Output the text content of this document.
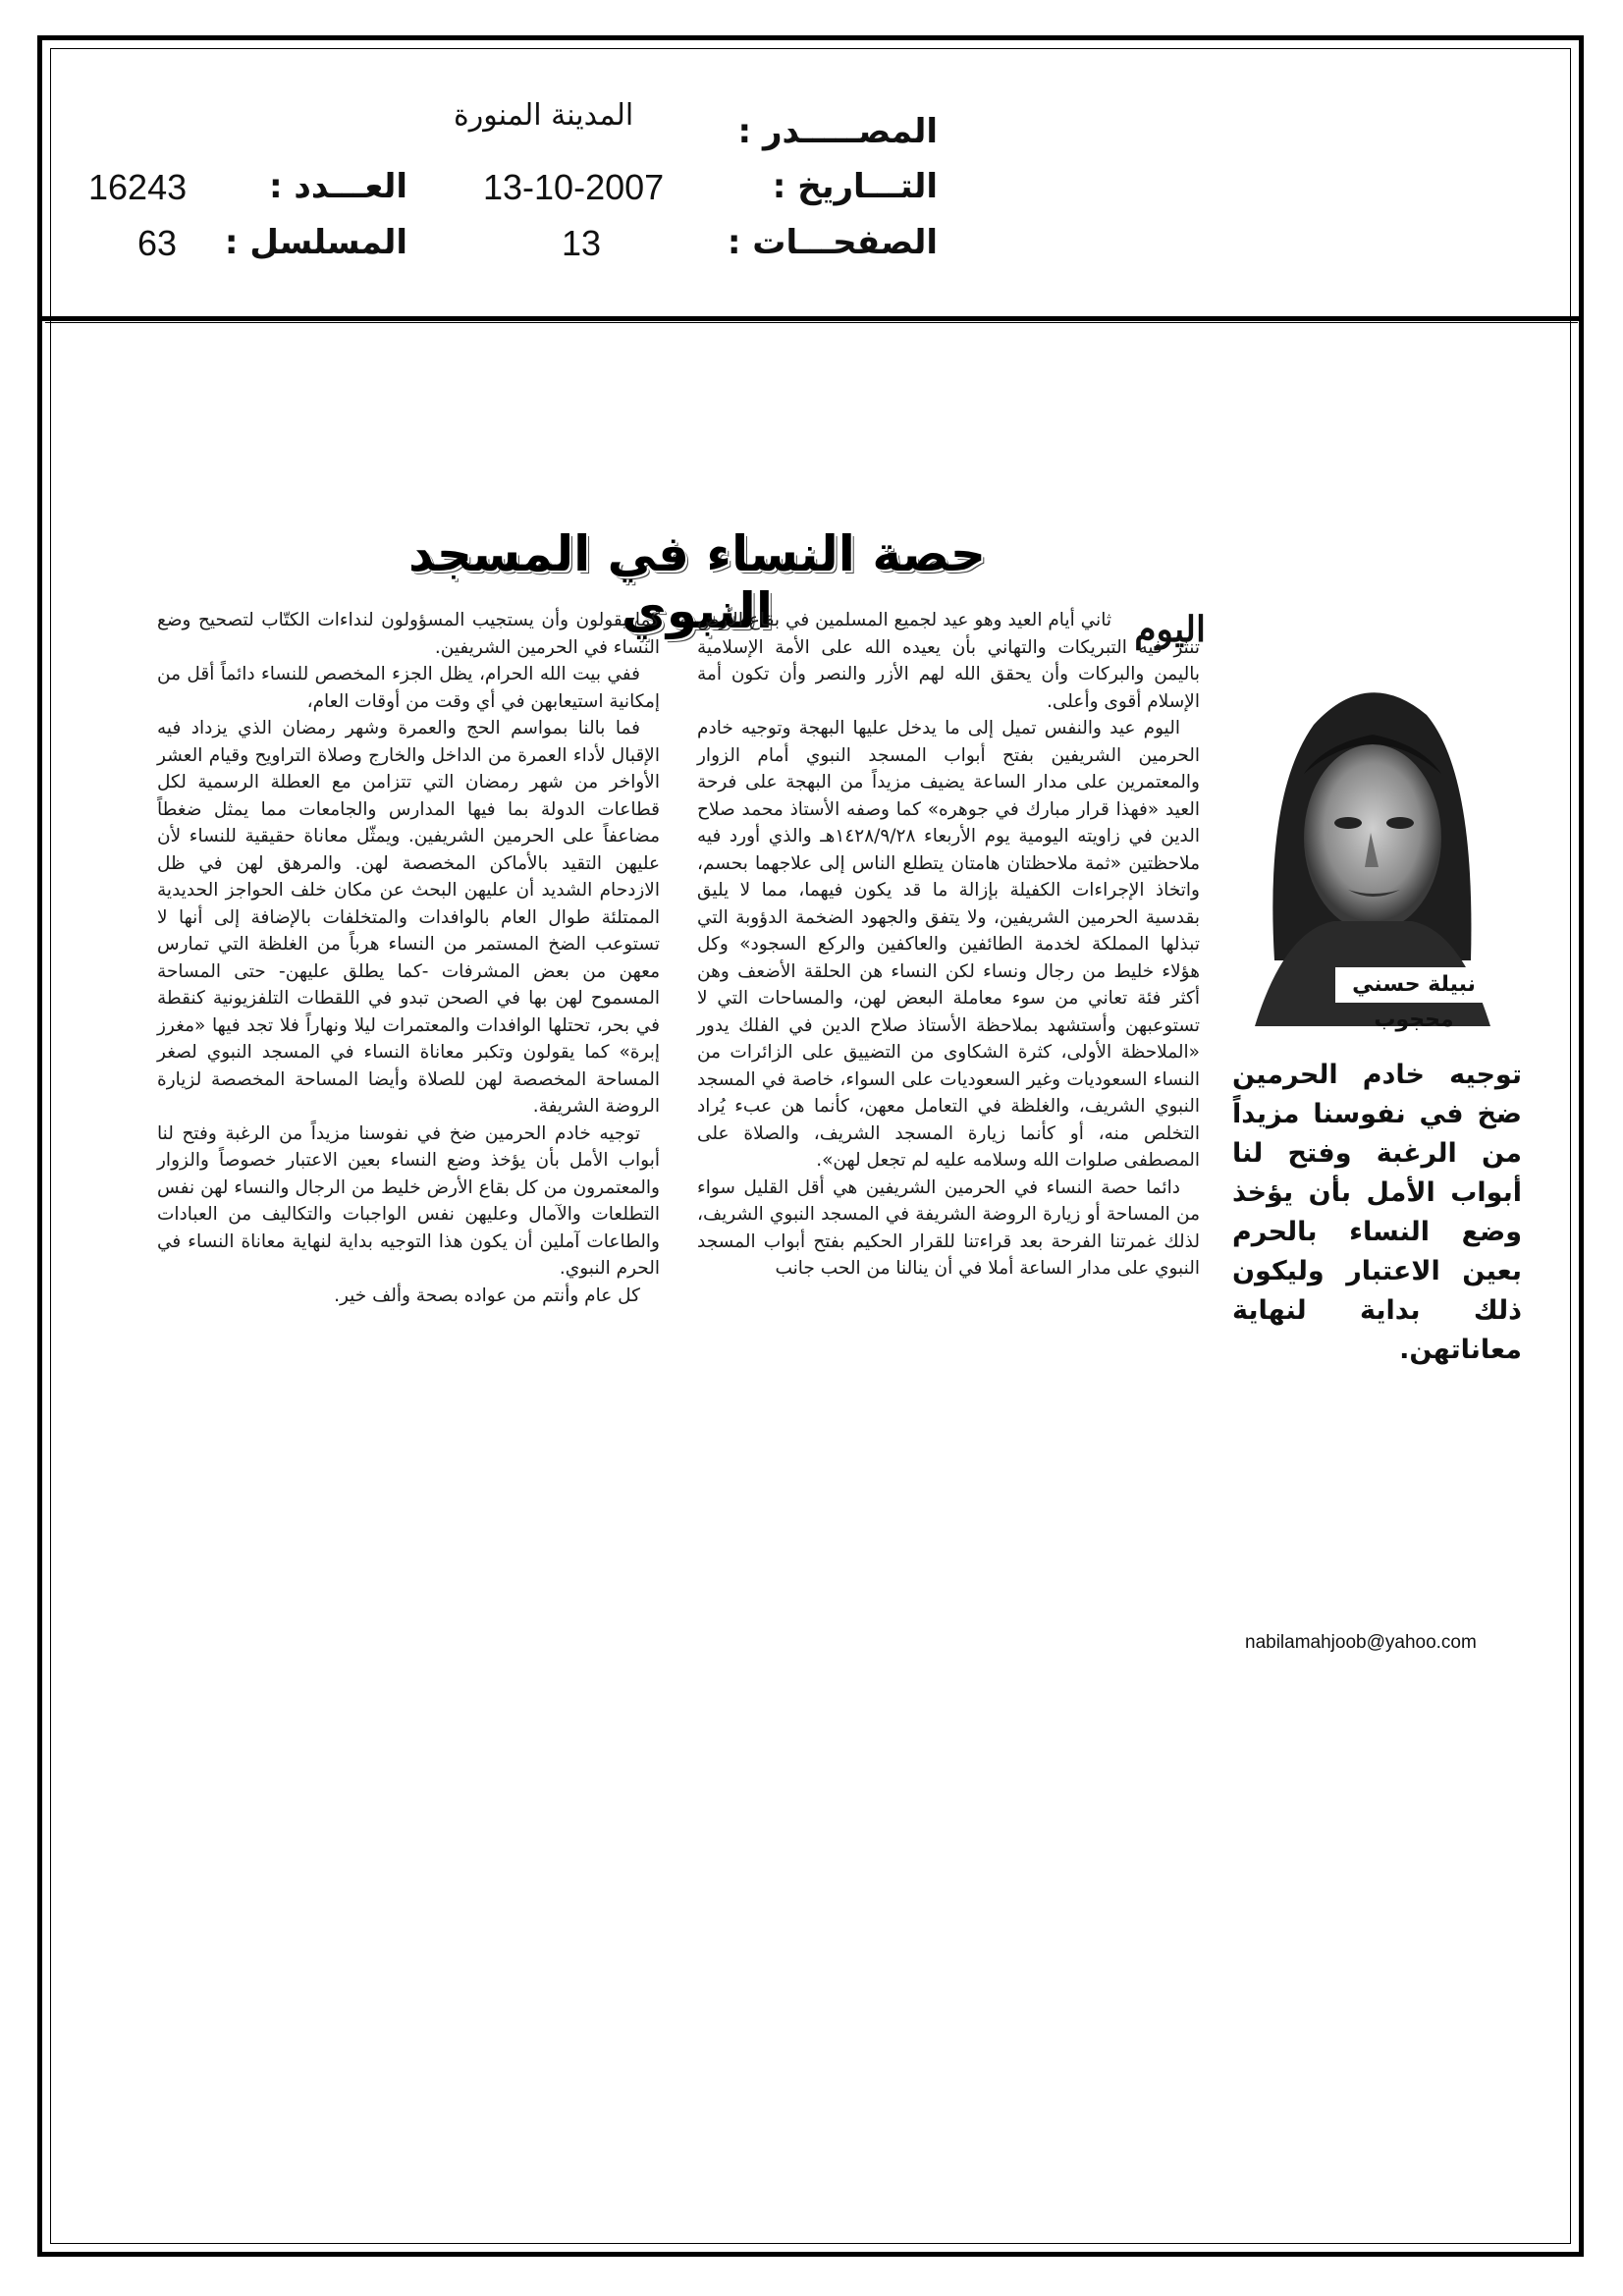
المصـــــدر :
المدينة المنورة
التـــاريخ :
13-10-2007
الصفحـــات :
13
العـــدد :
16243
المسلسل :
63
حصة النساء في المسجد النبوي	اليوم

ثاني أيام العيد وهو عيد لجميع المسلمين في بقاع الأرض تنثر فيه التبريكات والتهاني بأن يعيده الله على الأمة الإسلامية باليمن والبركات وأن يحقق الله لهم الأزر والنصر وأن تكون أمة الإسلام أقوى وأعلى.

اليوم عيد والنفس تميل إلى ما يدخل عليها البهجة وتوجيه خادم الحرمين الشريفين بفتح أبواب المسجد النبوي أمام الزوار والمعتمرين على مدار الساعة يضيف مزيداً من البهجة على فرحة العيد «فهذا قرار مبارك في جوهره» كما وصفه الأستاذ محمد صلاح الدين في زاويته اليومية يوم الأربعاء ١٤٢٨/٩/٢٨هـ والذي أورد فيه ملاحظتين «ثمة ملاحظتان هامتان يتطلع الناس إلى علاجهما بحسم، واتخاذ الإجراءات الكفيلة بإزالة ما قد يكون فيهما، مما لا يليق بقدسية الحرمين الشريفين، ولا يتفق والجهود الضخمة الدؤوبة التي تبذلها المملكة لخدمة الطائفين والعاكفين والركع السجود» وكل هؤلاء خليط من رجال ونساء لكن النساء هن الحلقة الأضعف وهن أكثر فئة تعاني من سوء معاملة البعض لهن، والمساحات التي لا تستوعبهن وأستشهد بملاحظة الأستاذ صلاح الدين في الفلك يدور «الملاحظة الأولى، كثرة الشكاوى من التضييق على الزائرات من النساء السعوديات وغير السعوديات على السواء، خاصة في المسجد النبوي الشريف، والغلظة في التعامل معهن، كأنما هن عبء يُراد التخلص منه، أو كأنما زيارة المسجد الشريف، والصلاة على المصطفى صلوات الله وسلامه عليه لم تجعل لهن».

دائما حصة النساء في الحرمين الشريفين هي أقل القليل سواء من المساحة أو زيارة الروضة الشريفة في المسجد النبوي الشريف، لذلك غمرتنا الفرحة بعد قراءتنا للقرار الحكيم بفتح أبواب المسجد النبوي على مدار الساعة أملا في أن ينالنا من الحب جانب

كما يقولون وأن يستجيب المسؤولون لنداءات الكتّاب لتصحيح وضع النساء في الحرمين الشريفين.

ففي بيت الله الحرام، يظل الجزء المخصص للنساء دائماً أقل من إمكانية استيعابهن في أي وقت من أوقات العام،

فما بالنا بمواسم الحج والعمرة وشهر رمضان الذي يزداد فيه الإقبال لأداء العمرة من الداخل والخارج وصلاة التراويح وقيام العشر الأواخر من شهر رمضان التي تتزامن مع العطلة الرسمية لكل قطاعات الدولة بما فيها المدارس والجامعات مما يمثل ضغطاً مضاعفاً على الحرمين الشريفين. ويمثّل معاناة حقيقية للنساء لأن عليهن التقيد بالأماكن المخصصة لهن. والمرهق لهن في ظل الازدحام الشديد أن عليهن البحث عن مكان خلف الحواجز الحديدية الممتلئة طوال العام بالوافدات والمتخلفات بالإضافة إلى أنها لا تستوعب الضخ المستمر من النساء هرباً من الغلظة التي تمارس معهن من بعض المشرفات -كما يطلق عليهن- حتى المساحة المسموح لهن بها في الصحن تبدو في اللقطات التلفزيونية كنقطة في بحر، تحتلها الوافدات والمعتمرات ليلا ونهاراً فلا تجد فيها «مغرز إبرة» كما يقولون وتكبر معاناة النساء في المسجد النبوي لصغر المساحة المخصصة لهن للصلاة وأيضا المساحة المخصصة لزيارة الروضة الشريفة.

توجيه خادم الحرمين ضخ في نفوسنا مزيداً من الرغبة وفتح لنا أبواب الأمل بأن يؤخذ وضع النساء بعين الاعتبار خصوصاً والزوار والمعتمرون من كل بقاع الأرض خليط من الرجال والنساء لهن نفس التطلعات والآمال وعليهن نفس الواجبات والتكاليف من العبادات والطاعات آملين أن يكون هذا التوجيه بداية لنهاية معاناة النساء في الحرم النبوي.

كل عام وأنتم من عواده بصحة وألف خير.

نبيلة حسني محجوب
توجيه خادم الحرمين ضخ في نفوسنا مزيداً من الرغبة وفتح لنا أبواب الأمل بأن يؤخذ وضع النساء بالحرم بعين الاعتبار وليكون ذلك بداية لنهاية معاناتهن.
nabilamahjoob@yahoo.com
